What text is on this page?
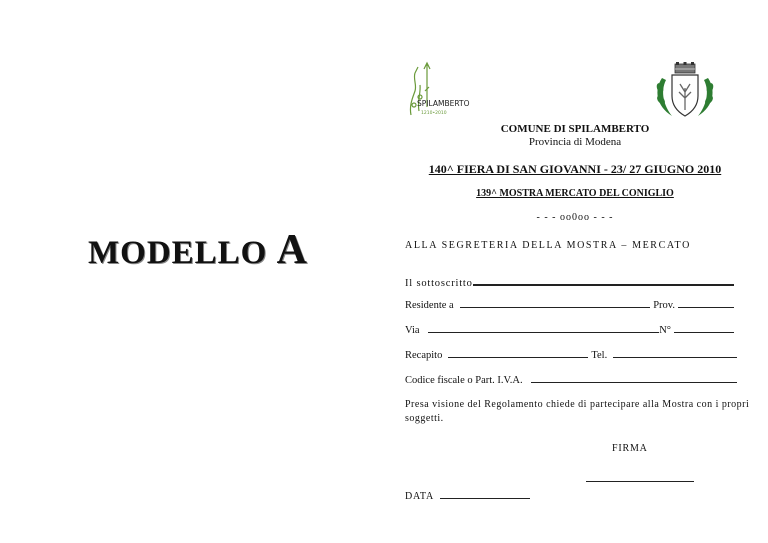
SPILAMBERTO
1210•2010
COMUNE DI SPILAMBERTO
Provincia di Modena
140^ FIERA DI SAN GIOVANNI - 23/ 27 GIUGNO 2010
139^ MOSTRA MERCATO DEL CONIGLIO
- - - oo0oo - - -
MODELLO A	ALLA SEGRETERIA DELLA MOSTRA – MERCATO
Il sottoscritto
Residente a	Prov.
Via	N°
Recapito	Tel.
Codice fiscale o Part. I.V.A.
Presa visione del Regolamento chiede di partecipare alla Mostra con i propri soggetti.
FIRMA
DATA
